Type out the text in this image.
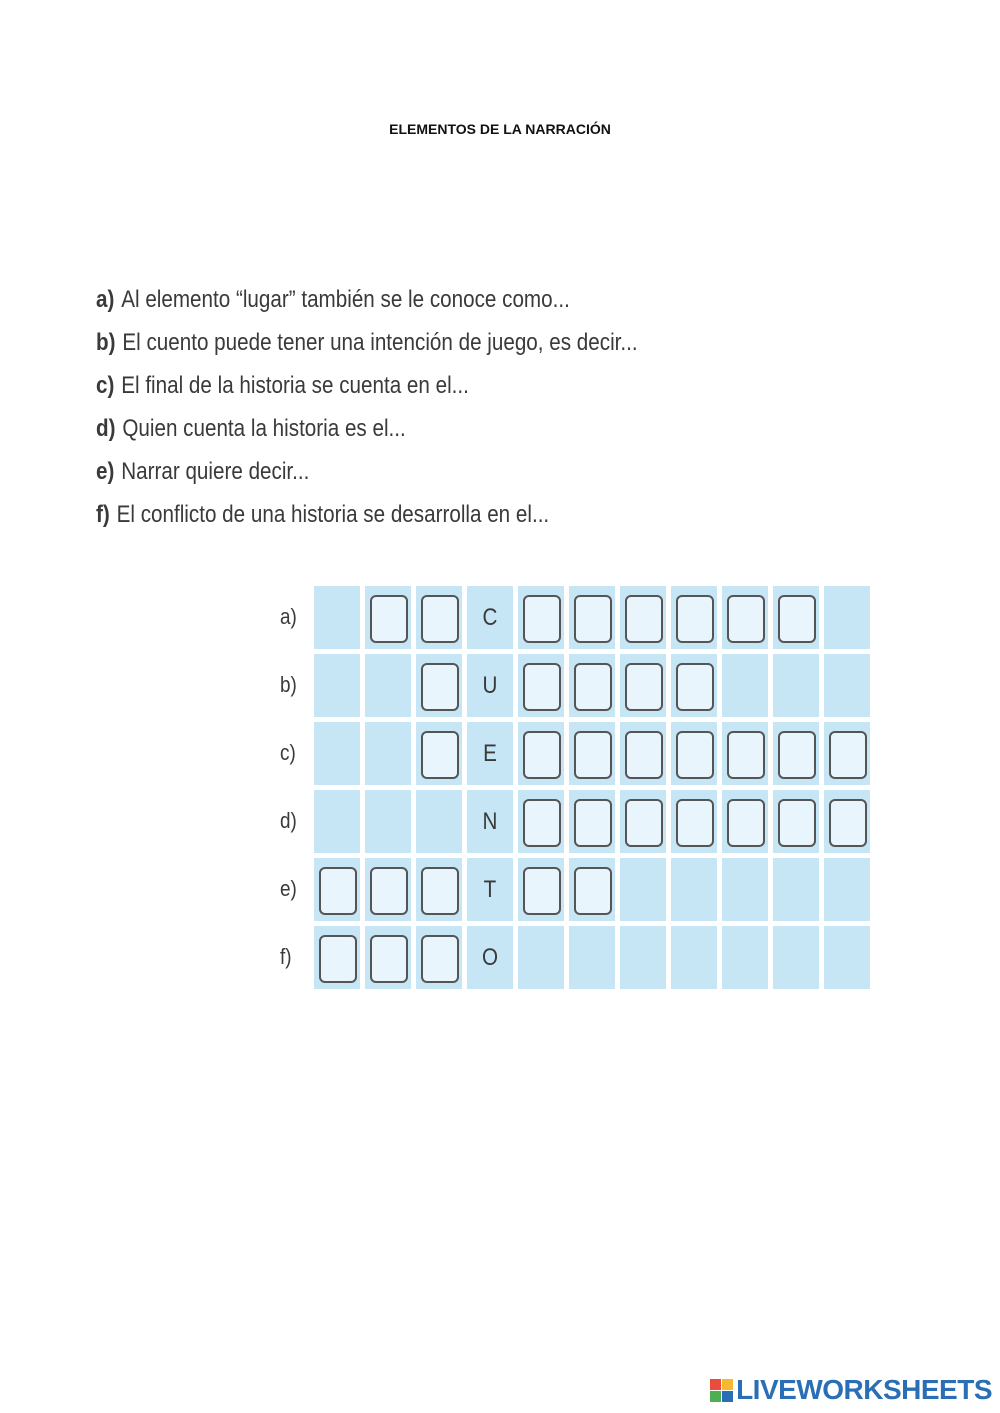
ELEMENTOS DE LA NARRACIÓN
a) Al elemento “lugar” también se le conoce como...
b) El cuento puede tener una intención de juego, es decir...
c) El final de la historia se cuenta en el...
d) Quien cuenta la historia es el...
e) Narrar quiere decir...
f) El conflicto de una historia se desarrolla en el...
a)	C
b)	U
c)	E
d)	N
e)	T
f)	O
LIVEWORKSHEETS
